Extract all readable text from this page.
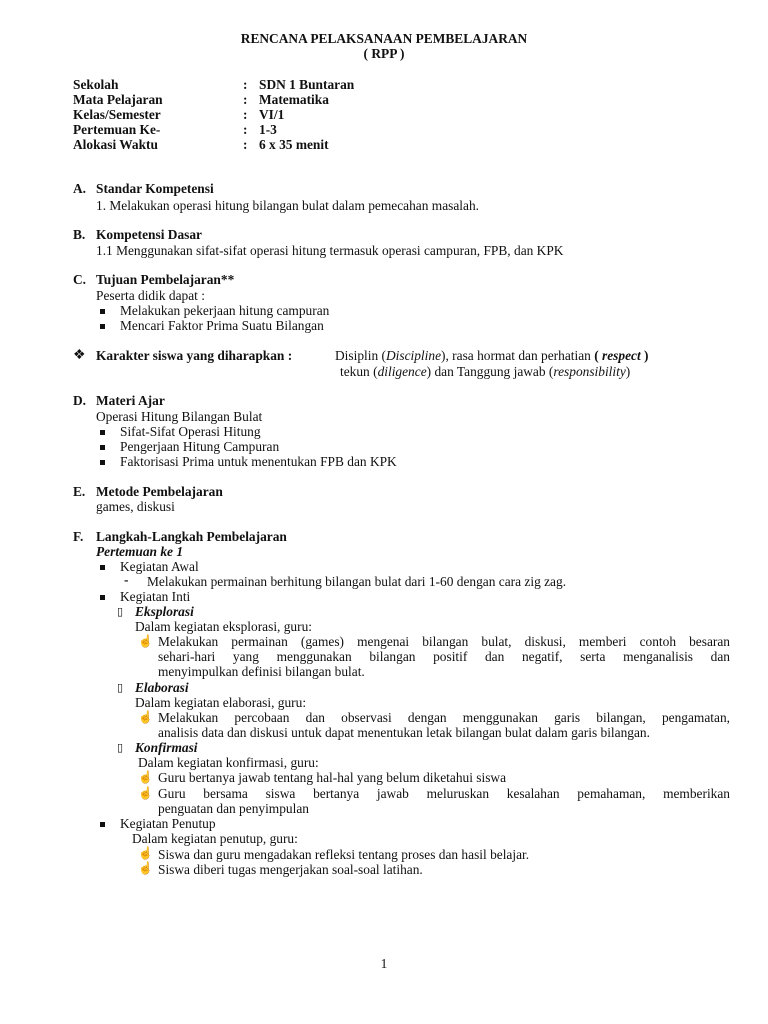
RENCANA PELAKSANAAN PEMBELAJARAN
( RPP )
Sekolah	: SDN 1 Buntaran
Mata Pelajaran	: Matematika
Kelas/Semester	: VI/1
Pertemuan Ke-	: 1-3
Alokasi Waktu	: 6 x 35 menit
A. Standar Kompetensi
1. Melakukan operasi hitung bilangan bulat dalam pemecahan masalah.
B. Kompetensi Dasar
1.1 Menggunakan sifat-sifat operasi hitung termasuk operasi campuran, FPB, dan KPK
C. Tujuan Pembelajaran**
Peserta didik dapat :
Melakukan pekerjaan hitung campuran
Mencari Faktor Prima Suatu Bilangan
❖ Karakter siswa yang diharapkan :	Disiplin (Discipline), rasa hormat dan perhatian ( respect )
tekun (diligence) dan Tanggung jawab (responsibility)
D. Materi Ajar
Operasi Hitung Bilangan Bulat
Sifat-Sifat Operasi Hitung
Pengerjaan Hitung Campuran
Faktorisasi Prima untuk menentukan FPB dan KPK
E. Metode Pembelajaran
games, diskusi
F. Langkah-Langkah Pembelajaran
Pertemuan ke 1
Kegiatan Awal
- Melakukan permainan berhitung bilangan bulat dari 1-60 dengan cara zig zag.
Kegiatan Inti
▯ Eksplorasi
Dalam kegiatan eksplorasi, guru:
☝ Melakukan permainan (games) mengenai bilangan bulat, diskusi, memberi contoh besaran
sehari-hari yang menggunakan bilangan positif dan negatif, serta menganalisis dan
menyimpulkan definisi bilangan bulat.
▯ Elaborasi
Dalam kegiatan elaborasi, guru:
☝ Melakukan percobaan dan observasi dengan menggunakan garis bilangan, pengamatan,
analisis data dan diskusi untuk dapat menentukan letak bilangan bulat dalam garis bilangan.
▯ Konfirmasi
Dalam kegiatan konfirmasi, guru:
☝ Guru bertanya jawab tentang hal-hal yang belum diketahui siswa
☝ Guru bersama siswa bertanya jawab meluruskan kesalahan pemahaman, memberikan
penguatan dan penyimpulan
Kegiatan Penutup
Dalam kegiatan penutup, guru:
☝ Siswa dan guru mengadakan refleksi tentang proses dan hasil belajar.
☝ Siswa diberi tugas mengerjakan soal-soal latihan.
1
